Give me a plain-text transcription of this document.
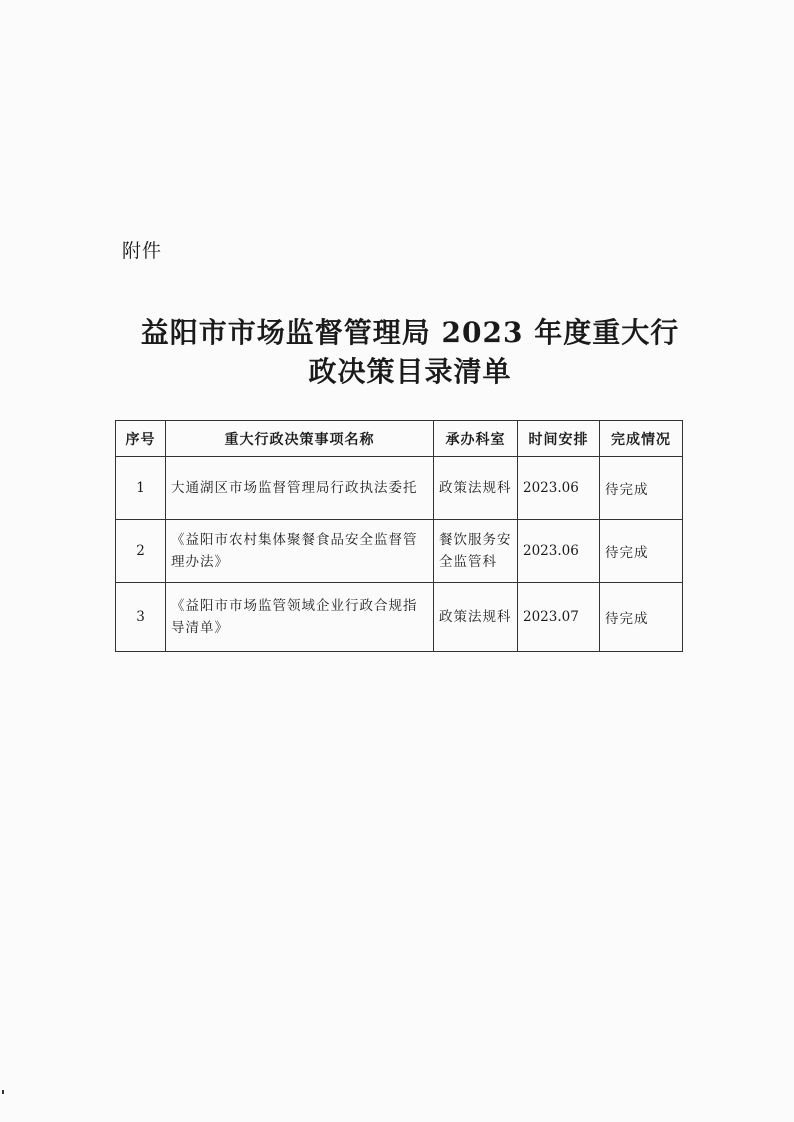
附件
益阳市市场监督管理局 2023 年度重大行
政决策目录清单
序号	重大行政决策事项名称	承办科室	时间安排	完成情况
1	大通湖区市场监督管理局行政执法委托	政策法规科	2023.06	待完成
2	《益阳市农村集体聚餐食品安全监督管理办法》	餐饮服务安全监管科	2023.06	待完成
3	《益阳市市场监管领域企业行政合规指导清单》	政策法规科	2023.07	待完成
